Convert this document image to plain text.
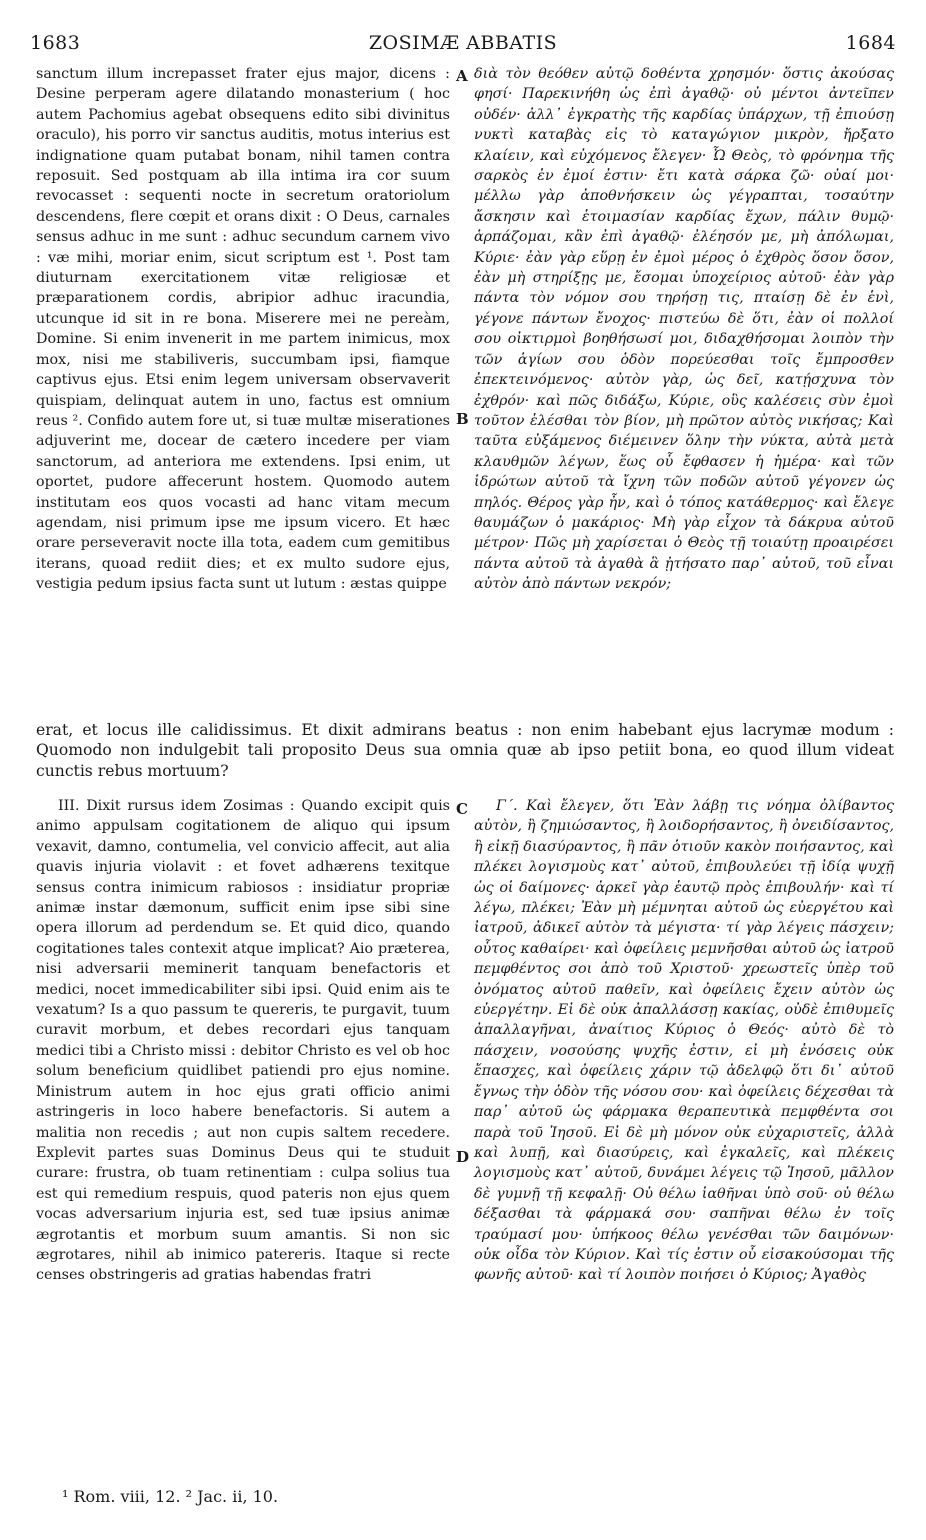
1683	ZOSIMÆ ABBATIS	1684

sanctum illum increpasset frater ejus major, dicens : Desine perperam agere dilatando monasterium ( hoc autem Pachomius agebat obsequens edito sibi divinitus oraculo), his porro vir sanctus auditis, motus interius est indignatione quam putabat bonam, nihil tamen contra reposuit. Sed postquam ab illa intima ira cor suum revocasset : sequenti nocte in secretum oratoriolum descendens, flere cœpit et orans dixit : O Deus, carnales sensus adhuc in me sunt : adhuc secundum carnem vivo : væ mihi, moriar enim, sicut scriptum est ¹. Post tam diuturnam exercitationem vitæ religiosæ et præparationem cordis, abripior adhuc iracundia, utcunque id sit in re bona. Miserere mei ne pereàm, Domine. Si enim invenerit in me partem inimicus, mox mox, nisi me stabiliveris, succumbam ipsi, fiamque captivus ejus. Etsi enim legem universam observaverit quispiam, delinquat autem in uno, factus est omnium reus ². Confido autem fore ut, si tuæ multæ miserationes adjuverint me, docear de cætero incedere per viam sanctorum, ad anteriora me extendens. Ipsi enim, ut oportet, pudore affecerunt hostem. Quomodo autem institutam eos quos vocasti ad hanc vitam mecum agendam, nisi primum ipse me ipsum vicero. Et hæc orare perseveravit nocte illa tota, eadem cum gemitibus iterans, quoad rediit dies; et ex multo sudore ejus, vestigia pedum ipsius facta sunt ut lutum : æstas quippe

A
B

διὰ τὸν θεόθεν αὐτῷ δοθέντα χρησμόν· ὅστις ἀκούσας φησί· Παρεκινήθη ὡς ἐπὶ ἀγαθῷ· οὐ μέντοι ἀντεῖπεν οὐδέν· ἀλλ᾿ ἐγκρατὴς τῆς καρδίας ὑπάρχων, τῇ ἐπιούσῃ νυκτὶ καταβὰς εἰς τὸ καταγώγιον μικρὸν, ἤρξατο κλαίειν, καὶ εὐχόμενος ἔλεγεν· Ὦ Θεὸς, τὸ φρόνημα τῆς σαρκὸς ἐν ἐμοί ἐστιν· ἔτι κατὰ σάρκα ζῶ· οὐαί μοι· μέλλω γὰρ ἀποθνήσκειν ὡς γέγραπται, τοσαύτην ἄσκησιν καὶ ἑτοιμασίαν καρδίας ἔχων, πάλιν θυμῷ· ἁρπάζομαι, κἂν ἐπὶ ἀγαθῷ· ἐλέησόν με, μὴ ἀπόλωμαι, Κύριε· ἐὰν γὰρ εὕρῃ ἐν ἐμοὶ μέρος ὁ ἐχθρὸς ὅσον ὅσον, ἐὰν μὴ στηρίξῃς με, ἔσομαι ὑποχείριος αὐτοῦ· ἐὰν γὰρ πάντα τὸν νόμον σου τηρήσῃ τις, πταίσῃ δὲ ἐν ἑνὶ, γέγονε πάντων ἔνοχος· πιστεύω δὲ ὅτι, ἐὰν οἱ πολλοί σου οἰκτιρμοὶ βοηθήσωσί μοι, διδαχθήσομαι λοιπὸν τὴν τῶν ἁγίων σου ὁδὸν πορεύεσθαι τοῖς ἔμπροσθεν ἐπεκτεινόμενος· αὐτὸν γὰρ, ὡς δεῖ, κατῄσχυνα τὸν ἐχθρόν· καὶ πῶς διδάξω, Κύριε, οὓς καλέσεις σὺν ἐμοὶ τοῦτον ἑλέσθαι τὸν βίον, μὴ πρῶτον αὐτὸς νικήσας; Καὶ ταῦτα εὐξάμενος διέμεινεν ὅλην τὴν νύκτα, αὐτὰ μετὰ κλαυθμῶν λέγων, ἕως οὗ ἔφθασεν ἡ ἡμέρα· καὶ τῶν ἱδρώτων αὐτοῦ τὰ ἴχνη τῶν ποδῶν αὐτοῦ γέγονεν ὡς πηλός. Θέρος γὰρ ἦν, καὶ ὁ τόπος κατάθερμος· καὶ ἔλεγε θαυμάζων ὁ μακάριος· Μὴ γὰρ εἶχον τὰ δάκρυα αὐτοῦ μέτρον· Πῶς μὴ χαρίσεται ὁ Θεὸς τῇ τοιαύτῃ προαιρέσει πάντα αὐτοῦ τὰ ἀγαθὰ ἃ ᾐτήσατο παρ᾿ αὐτοῦ, τοῦ εἶναι αὐτὸν ἀπὸ πάντων νεκρόν;

erat, et locus ille calidissimus. Et dixit admirans beatus : non enim habebant ejus lacrymæ modum : Quomodo non indulgebit tali proposito Deus sua omnia quæ ab ipso petiit bona, eo quod illum videat cunctis rebus mortuum?

III. Dixit rursus idem Zosimas : Quando excipit quis animo appulsam cogitationem de aliquo qui ipsum vexavit, damno, contumelia, vel convicio affecit, aut alia quavis injuria violavit : et fovet adhærens texitque sensus contra inimicum rabiosos : insidiatur propriæ animæ instar dæmonum, sufficit enim ipse sibi sine opera illorum ad perdendum se. Et quid dico, quando cogitationes tales contexit atque implicat? Aio præterea, nisi adversarii meminerit tanquam benefactoris et medici, nocet immedicabiliter sibi ipsi. Quid enim ais te vexatum? Is a quo passum te quereris, te purgavit, tuum curavit morbum, et debes recordari ejus tanquam medici tibi a Christo missi : debitor Christo es vel ob hoc solum beneficium quidlibet patiendi pro ejus nomine. Ministrum autem in hoc ejus grati officio animi astringeris in loco habere benefactoris. Si autem a malitia non recedis ; aut non cupis saltem recedere. Explevit partes suas Dominus Deus qui te studuit curare: frustra, ob tuam retinentiam : culpa solius tua est qui remedium respuis, quod pateris non ejus quem vocas adversarium injuria est, sed tuæ ipsius animæ ægrotantis et morbum suum amantis. Si non sic ægrotares, nihil ab inimico patereris. Itaque si recte censes obstringeris ad gratias habendas fratri

C
D

Γ΄. Καὶ ἔλεγεν, ὅτι Ἐὰν λάβῃ τις νόημα ὀλίβαντος αὐτὸν, ἢ ζημιώσαντος, ἢ λοιδορήσαντος, ἢ ὀνειδίσαντος, ἢ εἰκῇ διασύραντος, ἢ πᾶν ὁτιοῦν κακὸν ποιήσαντος, καὶ πλέκει λογισμοὺς κατ᾿ αὐτοῦ, ἐπιβουλεύει τῇ ἰδίᾳ ψυχῇ ὡς οἱ δαίμονες· ἀρκεῖ γὰρ ἑαυτῷ πρὸς ἐπιβουλήν· καὶ τί λέγω, πλέκει; Ἐὰν μὴ μέμνηται αὐτοῦ ὡς εὐεργέτου καὶ ἰατροῦ, ἀδικεῖ αὐτὸν τὰ μέγιστα· τί γὰρ λέγεις πάσχειν; οὗτος καθαίρει· καὶ ὀφείλεις μεμνῆσθαι αὐτοῦ ὡς ἰατροῦ πεμφθέντος σοι ἀπὸ τοῦ Χριστοῦ· χρεωστεῖς ὑπὲρ τοῦ ὀνόματος αὐτοῦ παθεῖν, καὶ ὀφείλεις ἔχειν αὐτὸν ὡς εὐεργέτην. Εἰ δὲ οὐκ ἀπαλλάσσῃ κακίας, οὐδὲ ἐπιθυμεῖς ἀπαλλαγῆναι, ἀναίτιος Κύριος ὁ Θεός· αὐτὸ δὲ τὸ πάσχειν, νοσούσης ψυχῆς ἐστιν, εἰ μὴ ἐνόσεις οὐκ ἔπασχες, καὶ ὀφείλεις χάριν τῷ ἀδελφῷ ὅτι δι᾿ αὐτοῦ ἔγνως τὴν ὁδὸν τῆς νόσου σου· καὶ ὀφείλεις δέχεσθαι τὰ παρ᾿ αὐτοῦ ὡς φάρμακα θεραπευτικὰ πεμφθέντα σοι παρὰ τοῦ Ἰησοῦ. Εἰ δὲ μὴ μόνον οὐκ εὐχαριστεῖς, ἀλλὰ καὶ λυπῇ, καὶ διασύρεις, καὶ ἐγκαλεῖς, καὶ πλέκεις λογισμοὺς κατ᾿ αὐτοῦ, δυνάμει λέγεις τῷ Ἰησοῦ, μᾶλλον δὲ γυμνῇ τῇ κεφαλῇ· Οὐ θέλω ἰαθῆναι ὑπὸ σοῦ· οὐ θέλω δέξασθαι τὰ φάρμακά σου· σαπῆναι θέλω ἐν τοῖς τραύμασί μου· ὑπήκοος θέλω γενέσθαι τῶν δαιμόνων· οὐκ οἶδα τὸν Κύριον. Καὶ τίς ἐστιν οὗ εἰσακούσομαι τῆς φωνῆς αὐτοῦ· καὶ τί λοιπὸν ποιήσει ὁ Κύριος; Ἀγαθὸς

¹ Rom. viii, 12. ² Jac. ii, 10.
